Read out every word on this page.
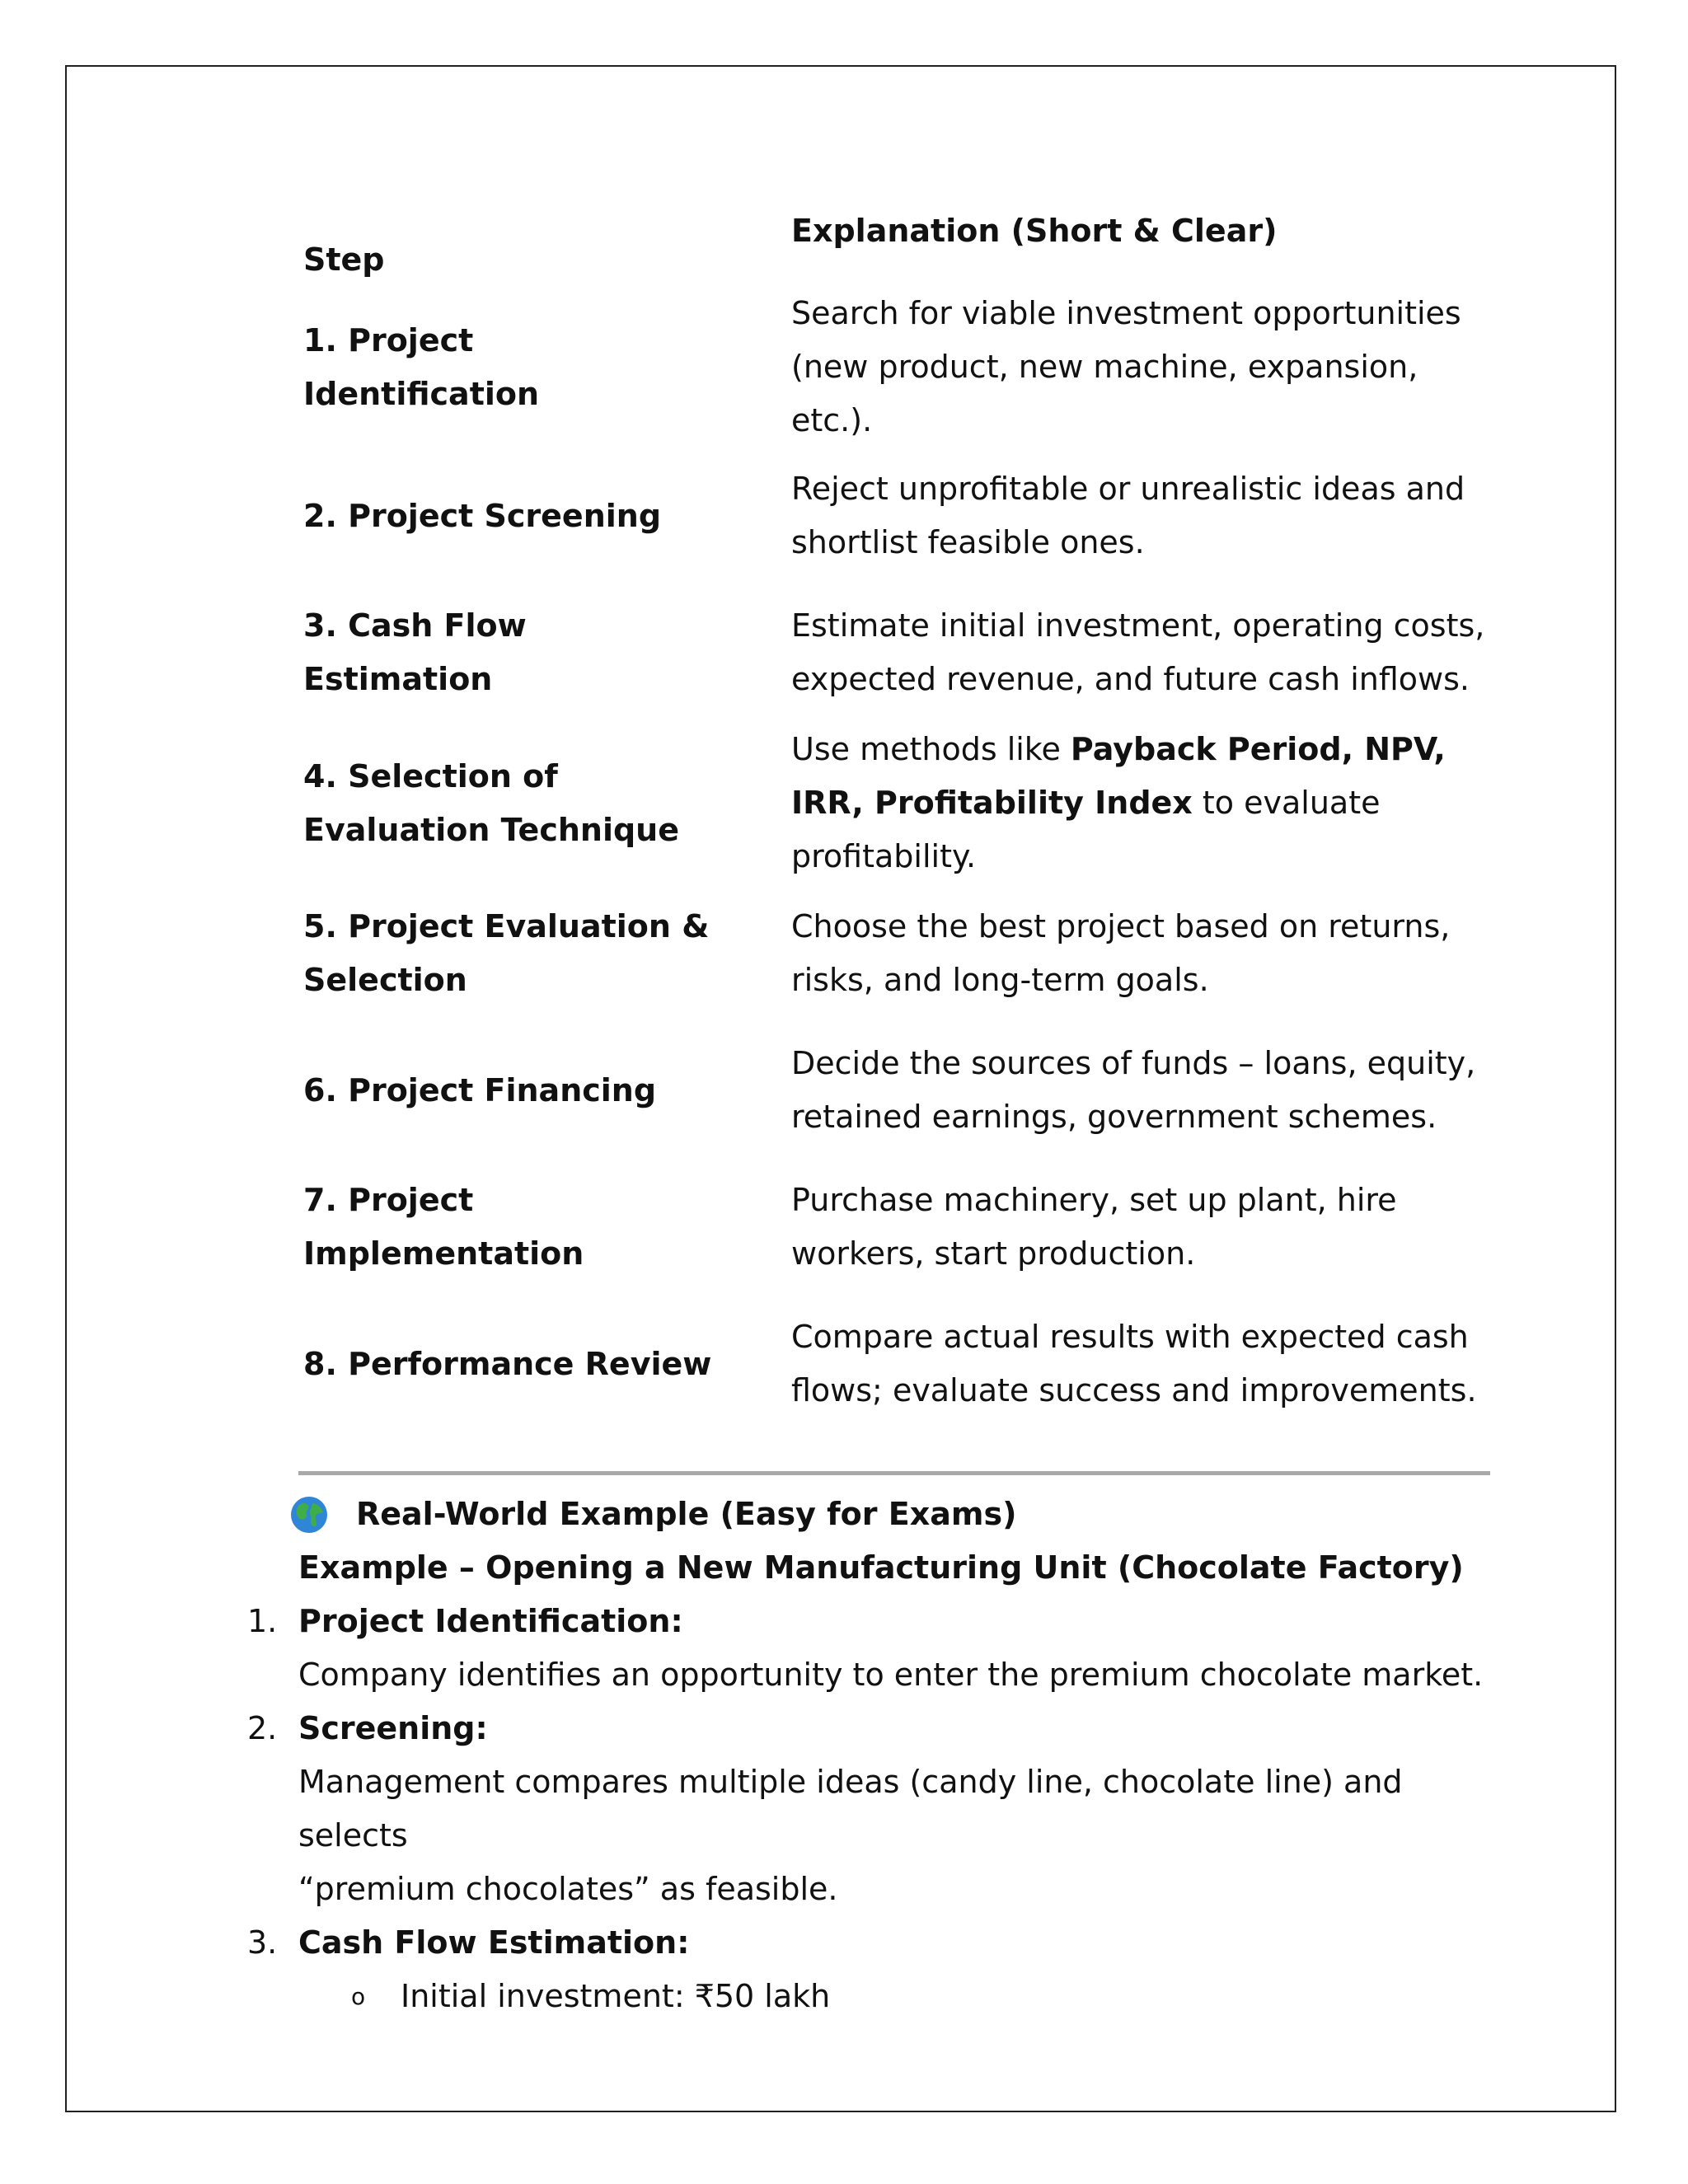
Step
Explanation (Short & Clear)
1. Project
Identification
Search for viable investment opportunities
(new product, new machine, expansion, etc.).
2. Project Screening
Reject unprofitable or unrealistic ideas and
shortlist feasible ones.
3. Cash Flow
Estimation
Estimate initial investment, operating costs,
expected revenue, and future cash inflows.
4. Selection of
Evaluation Technique
Use methods like Payback Period, NPV,
IRR, Profitability Index to evaluate
profitability.
5. Project Evaluation &
Selection
Choose the best project based on returns,
risks, and long-term goals.
6. Project Financing
Decide the sources of funds – loans, equity,
retained earnings, government schemes.
7. Project
Implementation
Purchase machinery, set up plant, hire
workers, start production.
8. Performance Review
Compare actual results with expected cash
flows; evaluate success and improvements.
Real-World Example (Easy for Exams)
Example – Opening a New Manufacturing Unit (Chocolate Factory)
1. Project Identification:
Company identifies an opportunity to enter the premium chocolate market.
2. Screening:
Management compares multiple ideas (candy line, chocolate line) and selects
“premium chocolates” as feasible.
3. Cash Flow Estimation:
o	Initial investment: ₹50 lakh
